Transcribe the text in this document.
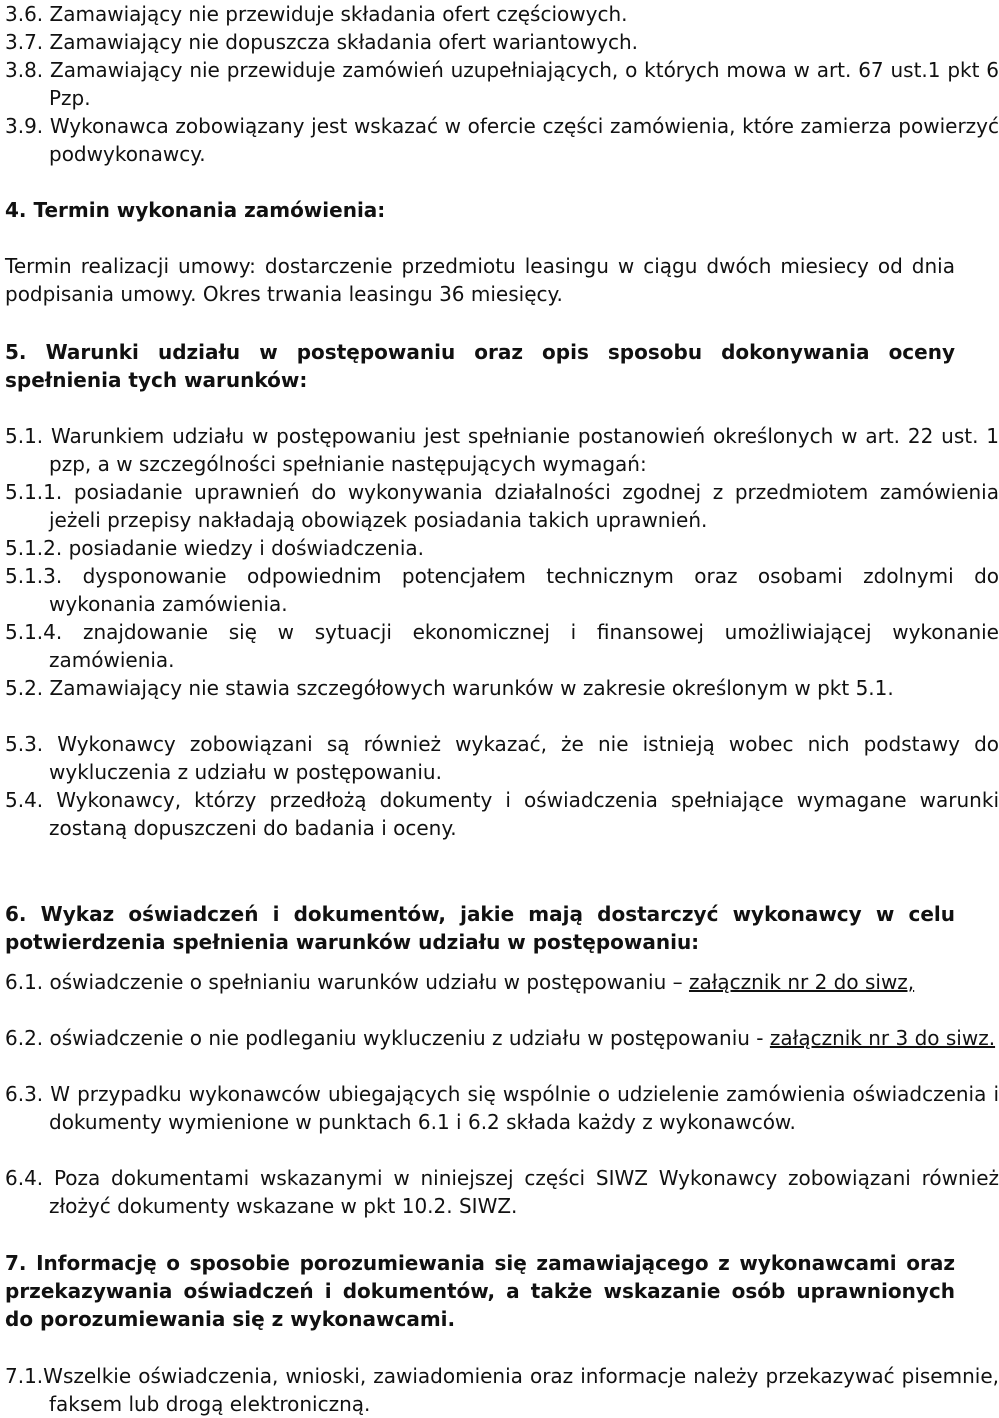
3.6. Zamawiający nie przewiduje składania ofert częściowych.

3.7. Zamawiający nie dopuszcza składania ofert wariantowych.

3.8. Zamawiający nie przewiduje zamówień uzupełniających, o których mowa w art. 67 ust.1 pkt 6 Pzp.

3.9. Wykonawca zobowiązany jest wskazać w ofercie części zamówienia, które zamierza powierzyć podwykonawcy.

4. Termin wykonania zamówienia:

Termin realizacji umowy: dostarczenie przedmiotu leasingu w ciągu dwóch miesiecy od dnia podpisania umowy. Okres trwania leasingu 36 miesięcy.

5. Warunki udziału w postępowaniu oraz opis sposobu dokonywania oceny spełnienia tych warunków:

5.1. Warunkiem udziału w postępowaniu jest spełnianie postanowień określonych w art. 22 ust. 1 pzp, a w szczególności spełnianie następujących wymagań:

5.1.1. posiadanie uprawnień do wykonywania działalności zgodnej z przedmiotem zamówienia jeżeli przepisy nakładają obowiązek posiadania takich uprawnień.

5.1.2. posiadanie wiedzy i doświadczenia.

5.1.3. dysponowanie odpowiednim potencjałem technicznym oraz osobami zdolnymi do wykonania zamówienia.

5.1.4. znajdowanie się w sytuacji ekonomicznej i finansowej umożliwiającej wykonanie zamówienia.

5.2. Zamawiający nie stawia szczegółowych warunków w zakresie określonym w pkt 5.1.

5.3. Wykonawcy zobowiązani są również wykazać, że nie istnieją wobec nich podstawy do wykluczenia z udziału w postępowaniu.

5.4. Wykonawcy, którzy przedłożą dokumenty i oświadczenia spełniające wymagane warunki zostaną dopuszczeni do badania i oceny.

6. Wykaz oświadczeń i dokumentów, jakie mają dostarczyć wykonawcy w celu potwierdzenia spełnienia warunków udziału w postępowaniu:

6.1. oświadczenie o spełnianiu warunków udziału w postępowaniu – załącznik nr 2 do siwz,

6.2. oświadczenie o nie podleganiu wykluczeniu z udziału w postępowaniu - załącznik nr 3 do siwz.

6.3. W przypadku wykonawców ubiegających się wspólnie o udzielenie zamówienia oświadczenia i dokumenty wymienione w punktach 6.1 i 6.2 składa każdy z wykonawców.

6.4. Poza dokumentami wskazanymi w niniejszej części SIWZ Wykonawcy zobowiązani również złożyć dokumenty wskazane w pkt 10.2. SIWZ.

7. Informację o sposobie porozumiewania się zamawiającego z wykonawcami oraz przekazywania oświadczeń i dokumentów, a także wskazanie osób uprawnionych do porozumiewania się z wykonawcami.

7.1.Wszelkie oświadczenia, wnioski, zawiadomienia oraz informacje należy przekazywać pisemnie, faksem lub drogą elektroniczną.
